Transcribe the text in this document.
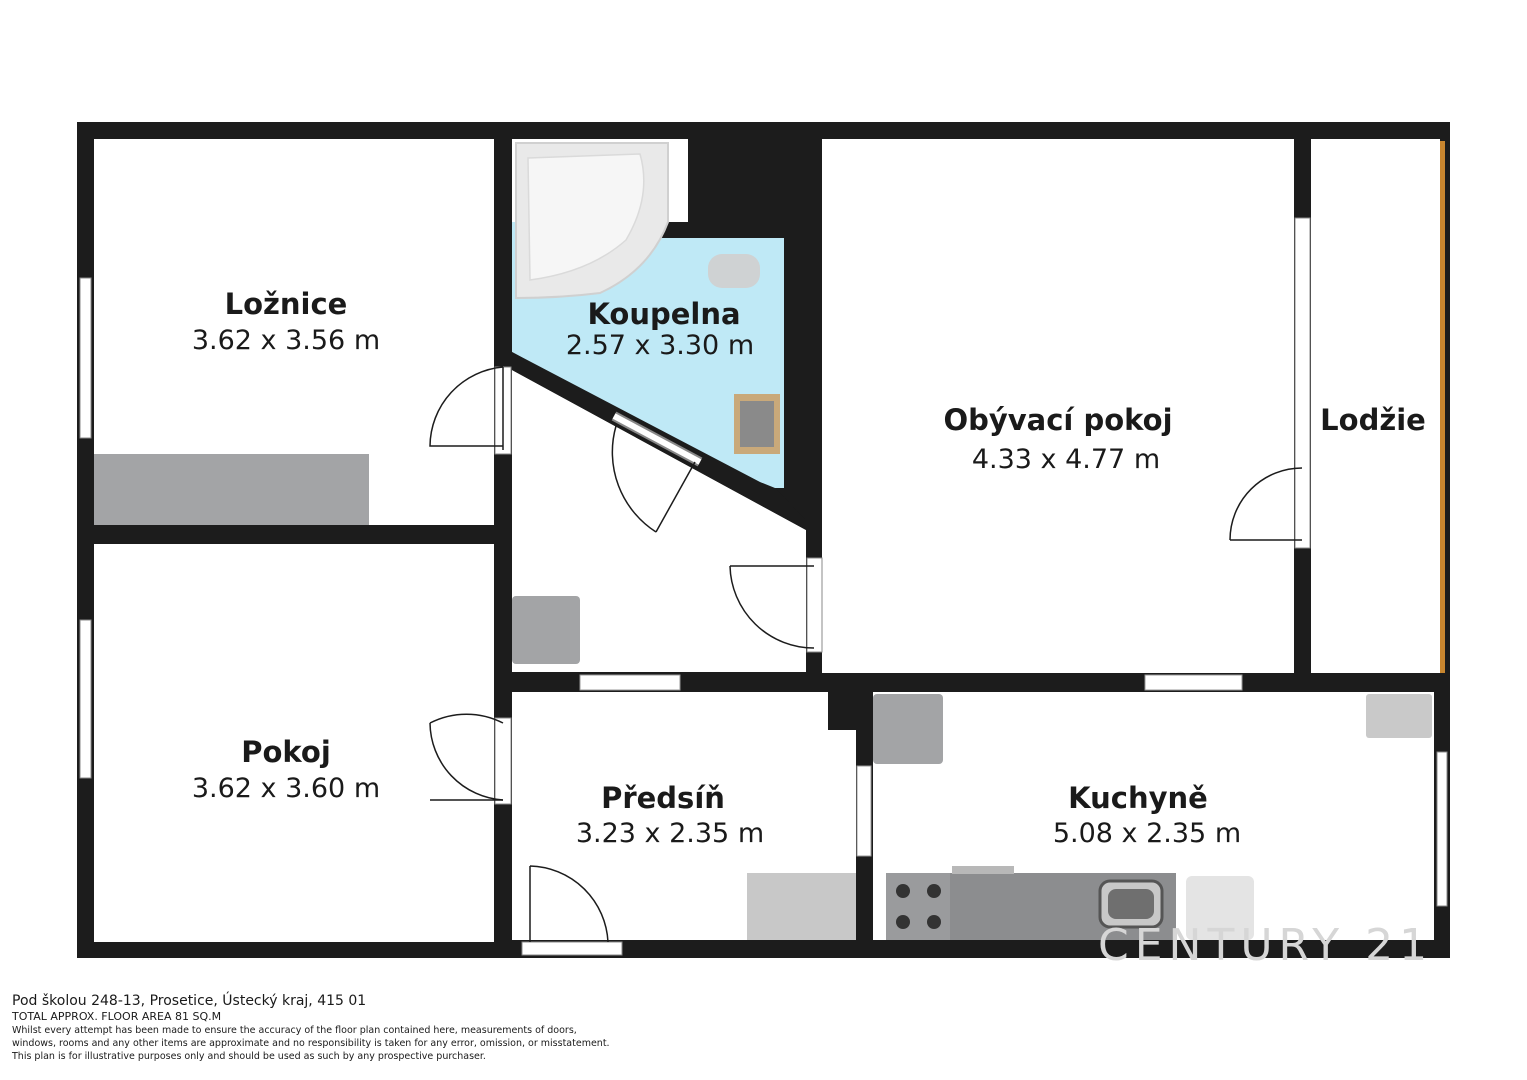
Ložnice
3.62 x 3.56 m
Koupelna
2.57 x 3.30 m
Obývací pokoj
4.33 x 4.77 m
Lodžie
Pokoj
3.62 x 3.60 m	Předsíň
3.23 x 2.35 m
Kuchyně
5.08 x 2.35 m
CENTURY 21
Pod školou 248-13, Prosetice, Ústecký kraj, 415 01
TOTAL APPROX. FLOOR AREA 81 SQ.M
Whilst every attempt has been made to ensure the accuracy of the floor plan contained here, measurements of doors,
windows, rooms and any other items are approximate and no responsibility is taken for any error, omission, or misstatement.
This plan is for illustrative purposes only and should be used as such by any prospective purchaser.
